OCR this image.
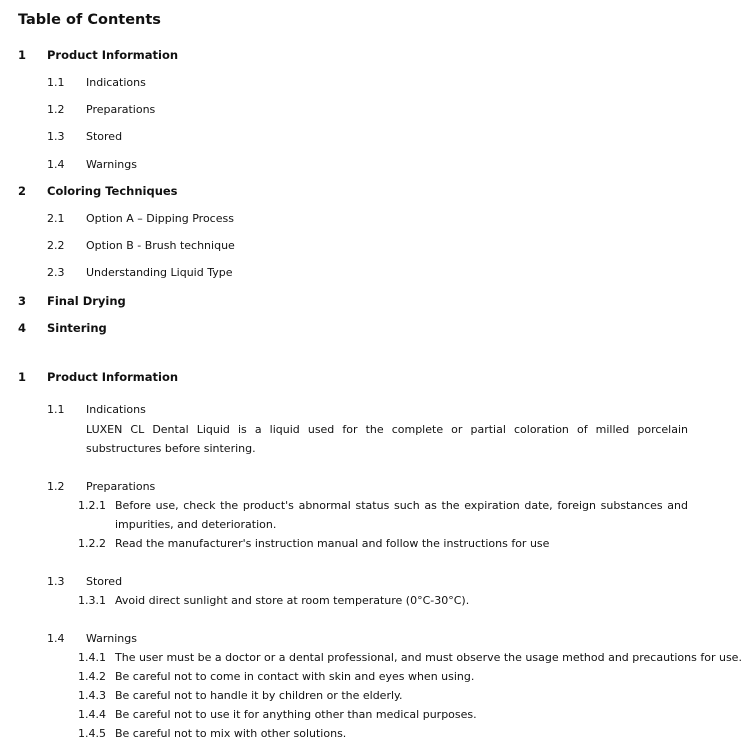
Table of Contents
1 Product Information
1.1 Indications
1.2 Preparations
1.3 Stored
1.4 Warnings
2 Coloring Techniques
2.1 Option A – Dipping Process
2.2 Option B - Brush technique
2.3 Understanding Liquid Type
3 Final Drying
4 Sintering
1 Product Information
1.1 Indications
LUXEN CL Dental Liquid is a liquid used for the complete or partial coloration of milled porcelain substructures before sintering.
1.2 Preparations
1.2.1 Before use, check the product's abnormal status such as the expiration date, foreign substances and impurities, and deterioration.
1.2.2 Read the manufacturer's instruction manual and follow the instructions for use
1.3 Stored
1.3.1 Avoid direct sunlight and store at room temperature (0°C-30°C).
1.4 Warnings
1.4.1 The user must be a doctor or a dental professional, and must observe the usage method and precautions for use.
1.4.2 Be careful not to come in contact with skin and eyes when using.
1.4.3 Be careful not to handle it by children or the elderly.
1.4.4 Be careful not to use it for anything other than medical purposes.
1.4.5 Be careful not to mix with other solutions.
